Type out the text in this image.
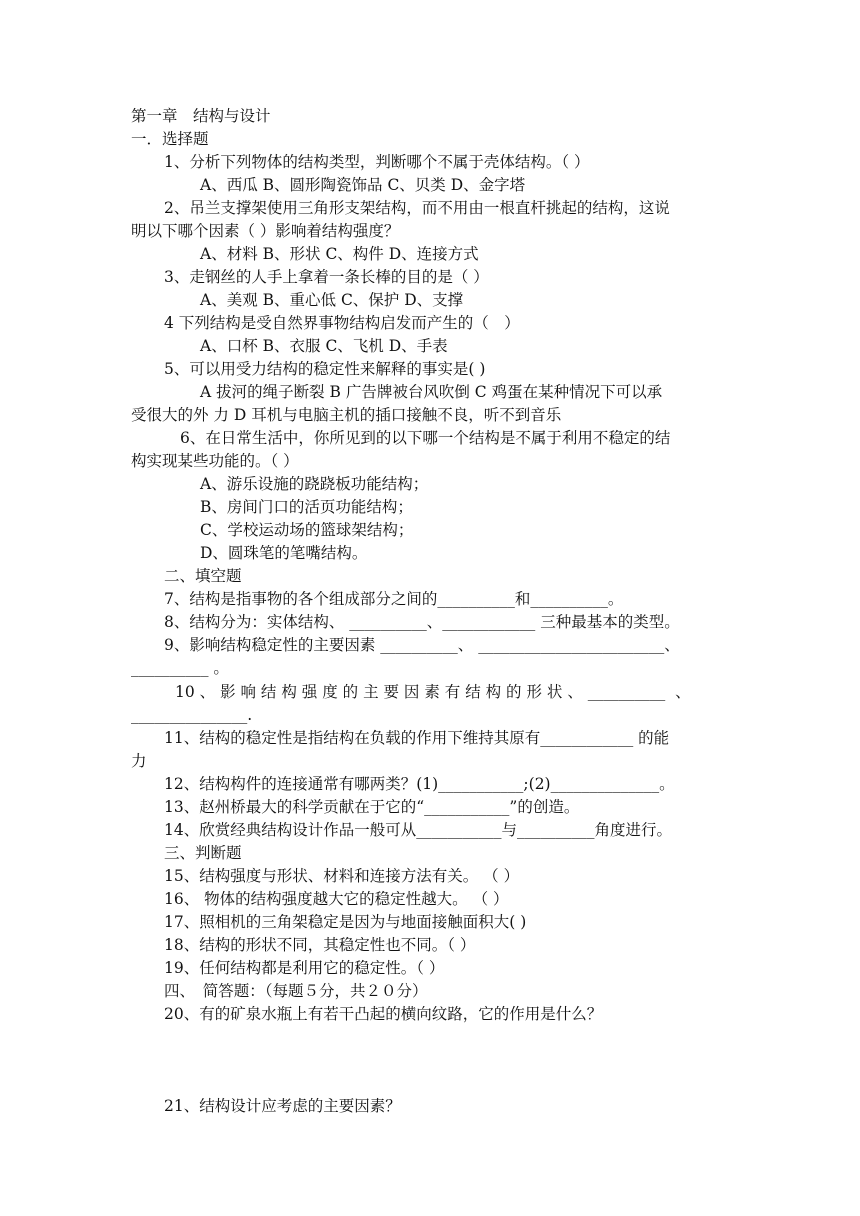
第一章　结构与设计
一．选择题
1、分析下列物体的结构类型，判断哪个不属于壳体结构。（ ）
A、西瓜 B、圆形陶瓷饰品 C、贝类 D、金字塔
2、吊兰支撑架使用三角形支架结构，而不用由一根直杆挑起的结构，这说
明以下哪个因素（ ）影响着结构强度？
A、材料 B、形状 C、构件 D、连接方式
3、走钢丝的人手上拿着一条长棒的目的是（ ）
A、美观 B、重心低 C、保护 D、支撑
4 下列结构是受自然界事物结构启发而产生的（　）
A、口杯 B、衣服 C、飞机 D、手表
5、可以用受力结构的稳定性来解释的事实是( )
A 拔河的绳子断裂 B 广告牌被台风吹倒 C 鸡蛋在某种情况下可以承
受很大的外 力 D 耳机与电脑主机的插口接触不良，听不到音乐
6、在日常生活中，你所见到的以下哪一个结构是不属于利用不稳定的结
构实现某些功能的。（ ）
A、游乐设施的跷跷板功能结构；
B、房间门口的活页功能结构；
C、学校运动场的篮球架结构；
D、圆珠笔的笔嘴结构。
二、填空题
7、结构是指事物的各个组成部分之间的__________和__________。
8、结构分为：实体结构、 __________、____________ 三种最基本的类型。
9、影响结构稳定性的主要因素 __________、 ________________________、
__________ 。
10 、 影 响 结 构 强 度 的 主 要 因 素 有 结 构 的 形 状 、 __________  、
_______________.
11、结构的稳定性是指结构在负载的作用下维持其原有____________ 的能
力
12、结构构件的连接通常有哪两类？(1)___________;(2)______________。
13、赵州桥最大的科学贡献在于它的“___________”的创造。
14、欣赏经典结构设计作品一般可从___________与__________角度进行。
三、判断题
15、结构强度与形状、材料和连接方法有关。 （ ）
16、 物体的结构强度越大它的稳定性越大。 （ ）
17、照相机的三角架稳定是因为与地面接触面积大( )
18、结构的形状不同，其稳定性也不同。（ ）
19、任何结构都是利用它的稳定性。（ ）
四、　简答题：（每题５分，共２０分）
20、有的矿泉水瓶上有若干凸起的横向纹路，它的作用是什么？
21、结构设计应考虑的主要因素？
